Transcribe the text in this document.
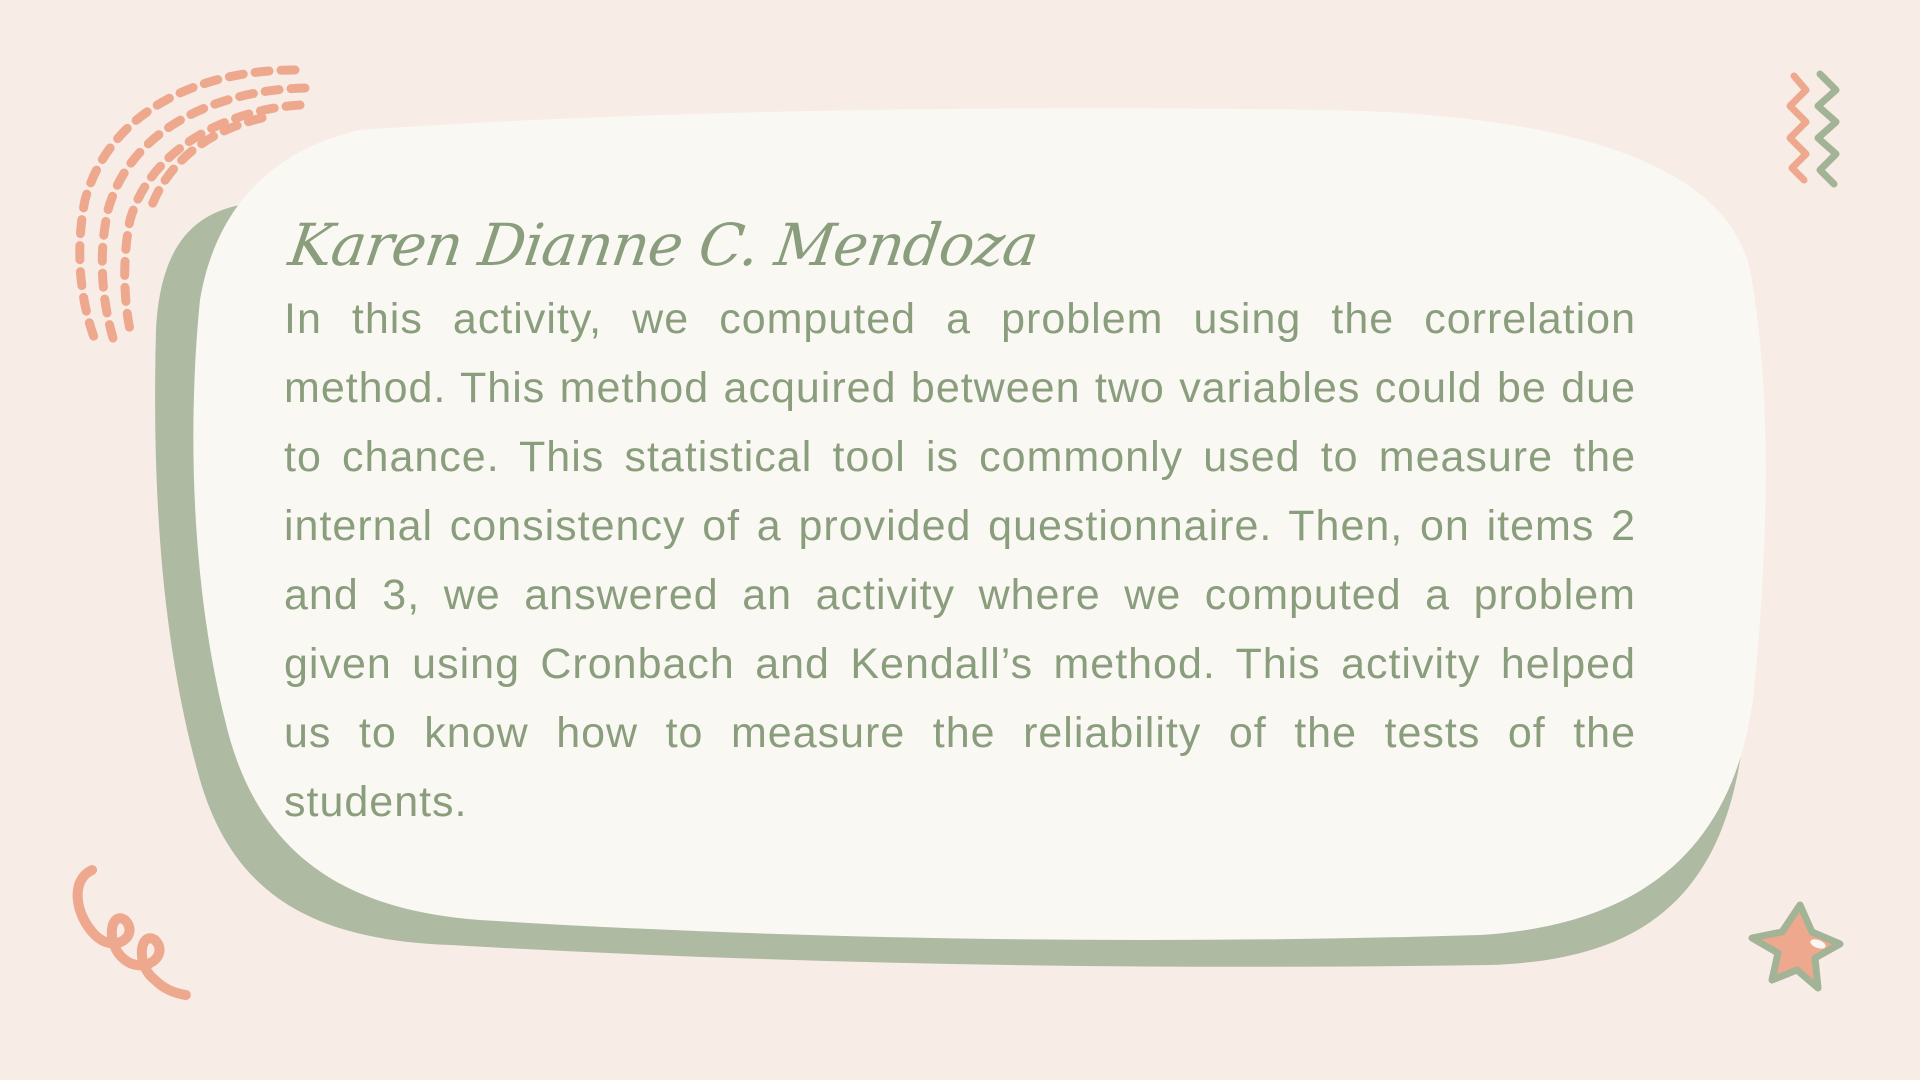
Karen Dianne C. Mendoza

In this activity, we computed a problem using the correlation method. This method acquired between two variables could be due to chance. This statistical tool is commonly used to measure the internal consistency of a provided questionnaire. Then, on items 2 and 3, we answered an activity where we computed a problem given using Cronbach and Kendall’s method. This activity helped us to know how to measure the reliability of the tests of the students.
